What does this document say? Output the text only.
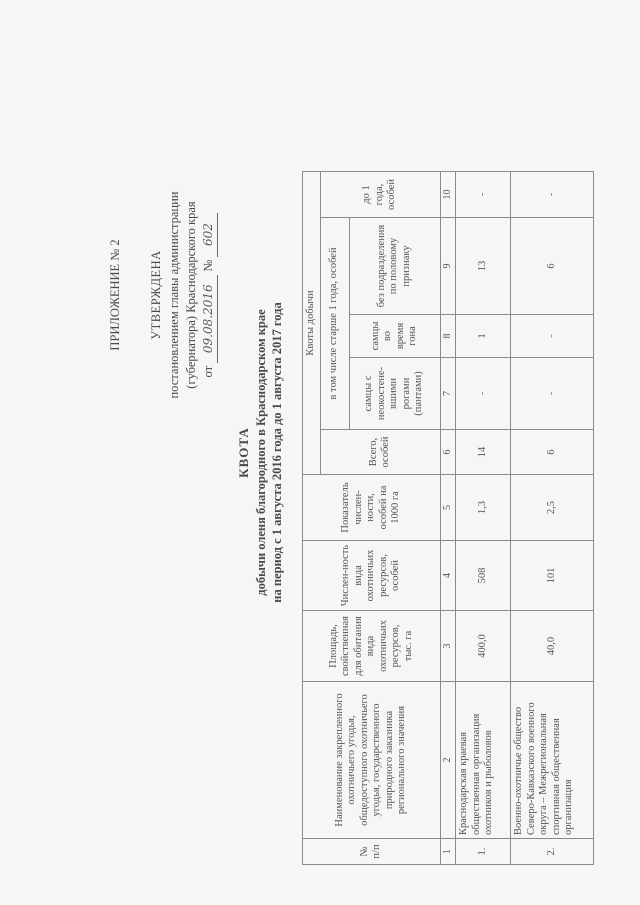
ПРИЛОЖЕНИЕ № 2 УТВЕРЖДЕНА постановлением главы администрации (губернатора) Краснодарского края от 09.08.2016 № 602
КВОТА добычи оленя благородного в Краснодарском крае на период с 1 августа 2016 года до 1 августа 2017 года
№ п/п	Наименование закрепленного охотничьего угодья, общедоступного охотничьего угодья, государственного природного заказника регионального значения	Площадь, свойственная для обитания вида охотничьих ресурсов, тыс. га	Числен-ность вида охотничьих ресурсов, особей	Показатель числен-ности, особей на 1000 га	Квоты добычи				
					Всего, особей	в том числе старше 1 года, особей			до 1 года, особей
						самцы с неокостене-вшими рогами (пантами)	самцы во время гона	без подразделения по половому признаку	
1	2	3	4	5	6	7	8	9	10
1.	Краснодарская краевая общественная организация охотников и рыболовов	400,0	508	1,3	14	-	1	13	-
2.	Военно-охотничье общество Северо-Кавказского военного округа – Межрегиональная спортивная общественная организация	40,0	101	2,5	6	-	-	6	-
